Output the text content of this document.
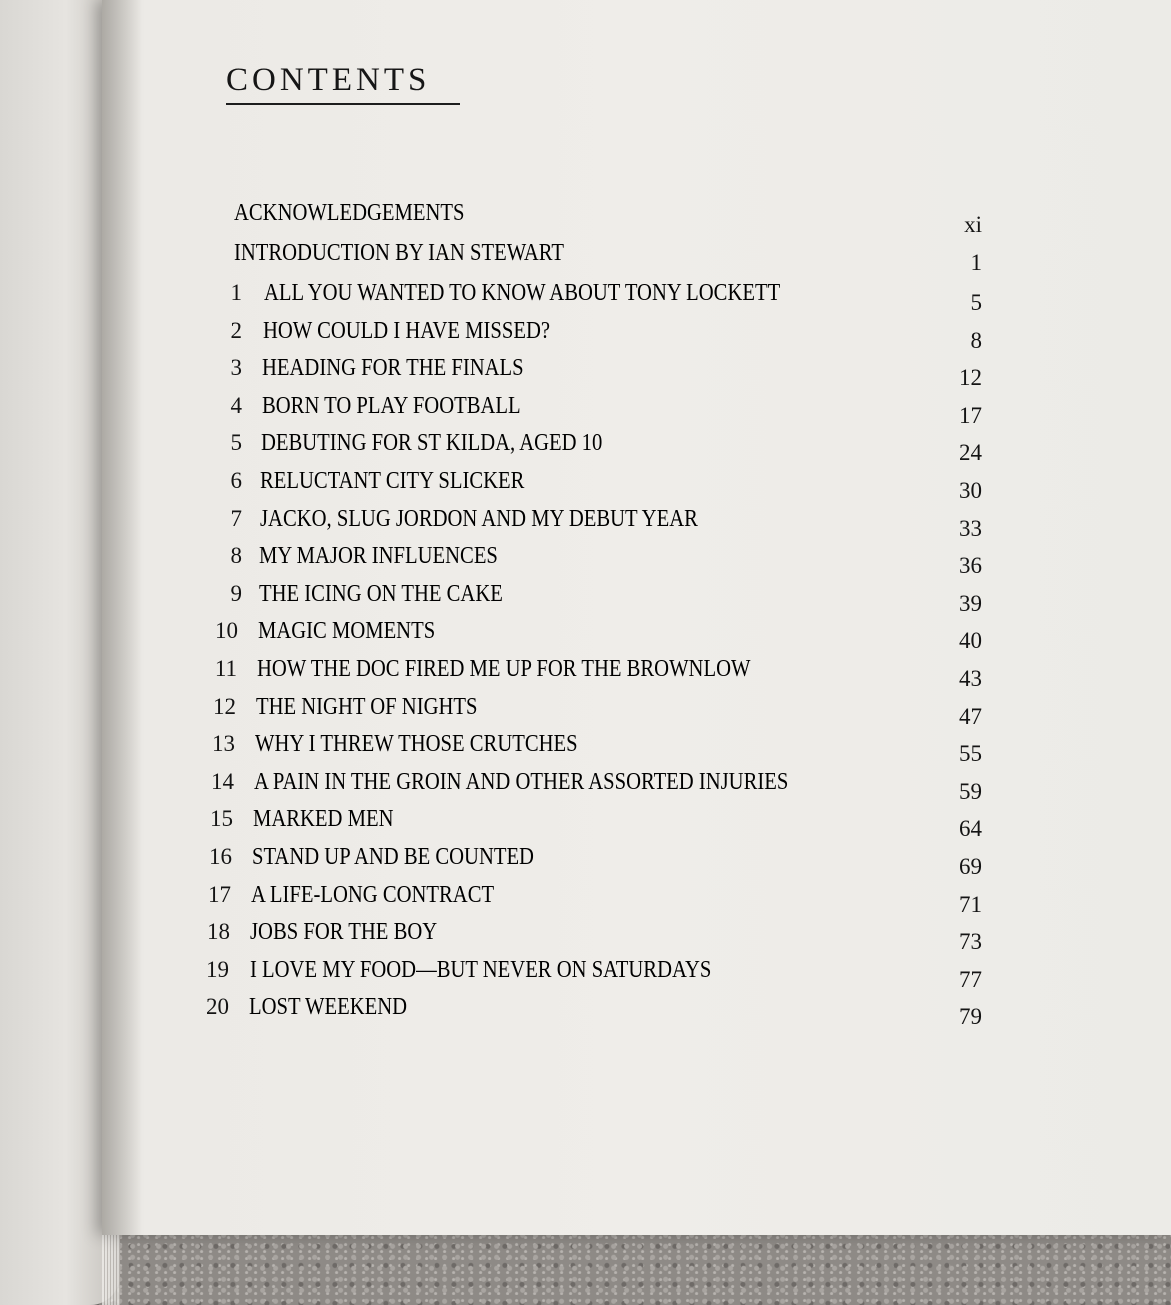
CONTENTS
ACKNOWLEDGEMENTS	xi
INTRODUCTION BY IAN STEWART	1
1 ALL YOU WANTED TO KNOW ABOUT TONY LOCKETT	5
2 HOW COULD I HAVE MISSED?	8
3 HEADING FOR THE FINALS	12
4 BORN TO PLAY FOOTBALL	17
5 DEBUTING FOR ST KILDA, AGED 10	24
6 RELUCTANT CITY SLICKER	30
7 JACKO, SLUG JORDON AND MY DEBUT YEAR	33
8 MY MAJOR INFLUENCES	36
9 THE ICING ON THE CAKE	39
10 MAGIC MOMENTS	40
11 HOW THE DOC FIRED ME UP FOR THE BROWNLOW	43
12 THE NIGHT OF NIGHTS	47
13 WHY I THREW THOSE CRUTCHES	55
14 A PAIN IN THE GROIN AND OTHER ASSORTED INJURIES	59
15 MARKED MEN	64
16 STAND UP AND BE COUNTED	69
17 A LIFE-LONG CONTRACT	71
18 JOBS FOR THE BOY	73
19 I LOVE MY FOOD—BUT NEVER ON SATURDAYS	77
20 LOST WEEKEND	79
